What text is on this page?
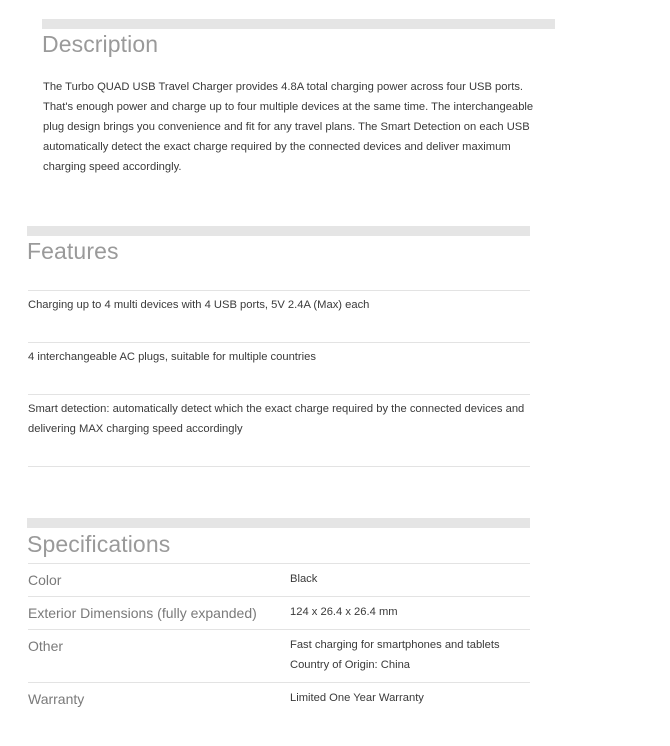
Description
The Turbo QUAD USB Travel Charger provides 4.8A total charging power across four USB ports. That's enough power and charge up to four multiple devices at the same time. The interchangeable plug design brings you convenience and fit for any travel plans. The Smart Detection on each USB automatically detect the exact charge required by the connected devices and deliver maximum charging speed accordingly.
Features
Charging up to 4 multi devices with 4 USB ports, 5V 2.4A (Max) each
4 interchangeable AC plugs, suitable for multiple countries
Smart detection: automatically detect which the exact charge required by the connected devices and delivering MAX charging speed accordingly
Specifications
Color	Black
Exterior Dimensions (fully expanded)	124 x 26.4 x 26.4 mm
Other	Fast charging for smartphones and tablets
Country of Origin: China
Warranty	Limited One Year Warranty
